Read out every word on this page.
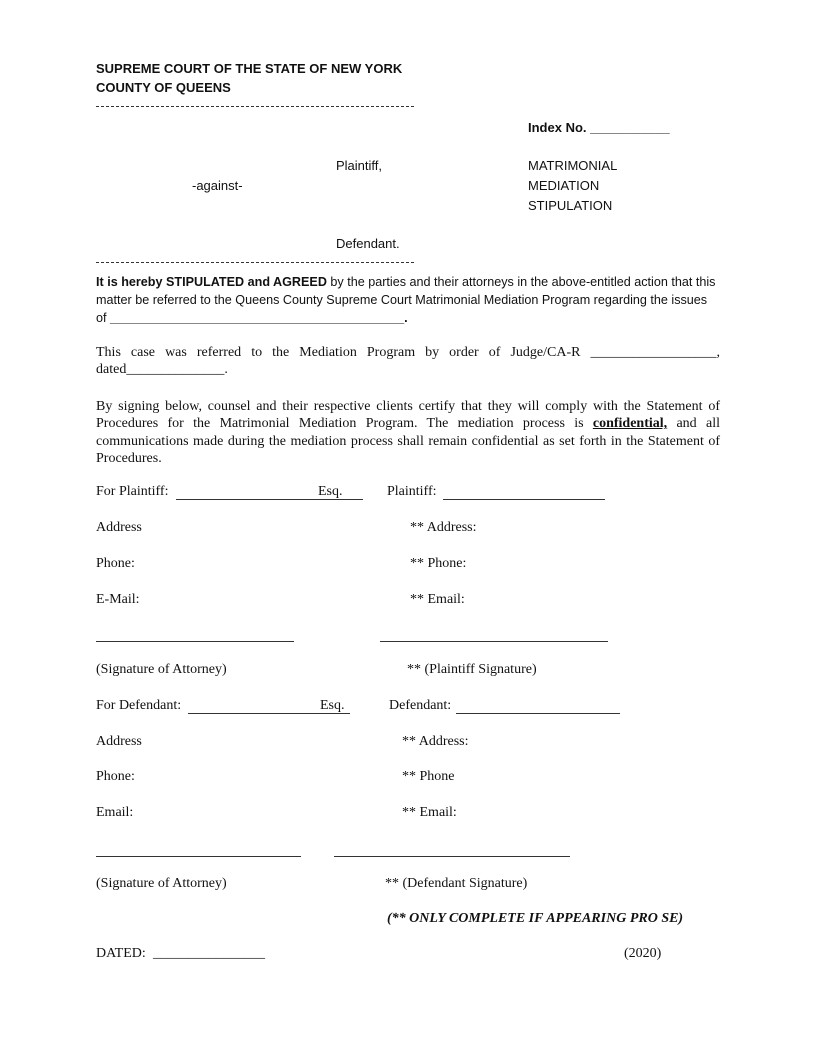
SUPREME COURT OF THE STATE OF NEW YORK
COUNTY OF QUEENS
Index No. ___________
Plaintiff,
-against-
MATRIMONIAL
MEDIATION
STIPULATION
Defendant.
It is hereby STIPULATED and AGREED by the parties and their attorneys in the above-entitled action that this matter be referred to the Queens County Supreme Court Matrimonial Mediation Program regarding the issues of __________________________________________.
This case was referred to the Mediation Program by order of Judge/CA-R __________________, dated______________.
By signing below, counsel and their respective clients certify that they will comply with the Statement of Procedures for the Matrimonial Mediation Program. The mediation process is confidential, and all communications made during the mediation process shall remain confidential as set forth in the Statement of Procedures.
For Plaintiff:	Esq.	Plaintiff:
Address	** Address:
Phone:	** Phone:
E-Mail:	** Email:
(Signature of Attorney)	** (Plaintiff Signature)
For Defendant:	Esq.	Defendant:
Address	** Address:
Phone:	** Phone
Email:	** Email:
(Signature of Attorney)	** (Defendant Signature)
(** ONLY COMPLETE IF APPEARING PRO SE)
DATED: ________________	(2020)
